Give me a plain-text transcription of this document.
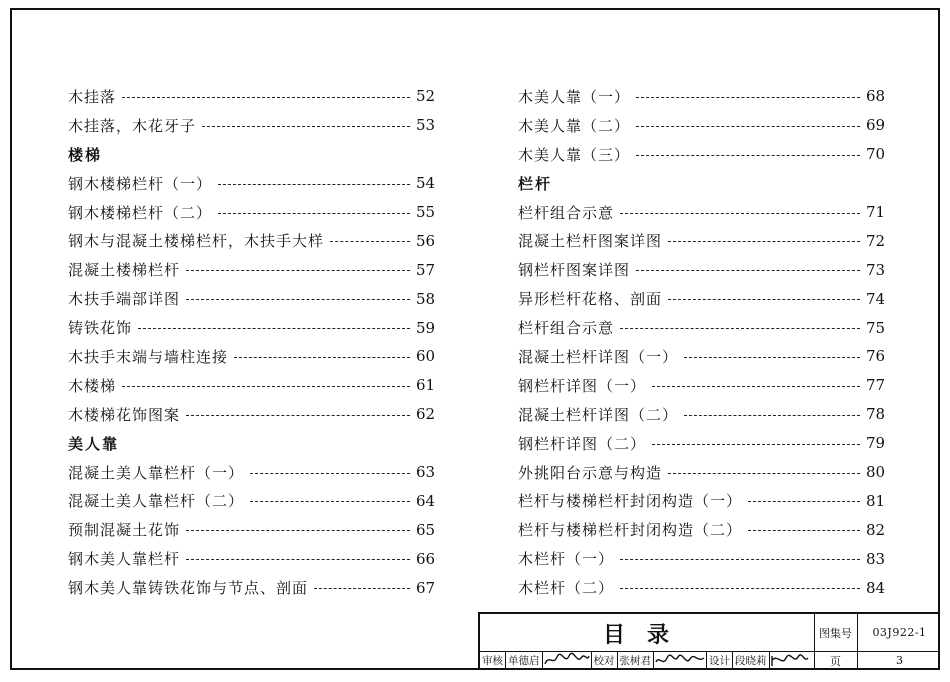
木挂落	52
木挂落，木花牙子	53
楼梯
钢木楼梯栏杆（一）	54
钢木楼梯栏杆（二）	55
钢木与混凝土楼梯栏杆，木扶手大样	56
混凝土楼梯栏杆	57
木扶手端部详图	58
铸铁花饰	59
木扶手末端与墙柱连接	60
木楼梯	61
木楼梯花饰图案	62
美人靠
混凝土美人靠栏杆（一）	63
混凝土美人靠栏杆（二）	64
预制混凝土花饰	65
钢木美人靠栏杆	66
钢木美人靠铸铁花饰与节点、剖面	67
木美人靠（一）	68
木美人靠（二）	69
木美人靠（三）	70
栏杆
栏杆组合示意	71
混凝土栏杆图案详图	72
钢栏杆图案详图	73
异形栏杆花格、剖面	74
栏杆组合示意	75
混凝土栏杆详图（一）	76
钢栏杆详图（一）	77
混凝土栏杆详图（二）	78
钢栏杆详图（二）	79
外挑阳台示意与构造	80
栏杆与楼梯栏杆封闭构造（一）	81
栏杆与楼梯栏杆封闭构造（二）	82
木栏杆（一）	83
木栏杆（二）	84
目录	图集号	03J922-1
页	3
审核 单德启	校对 张树君	设计 段晓莉
